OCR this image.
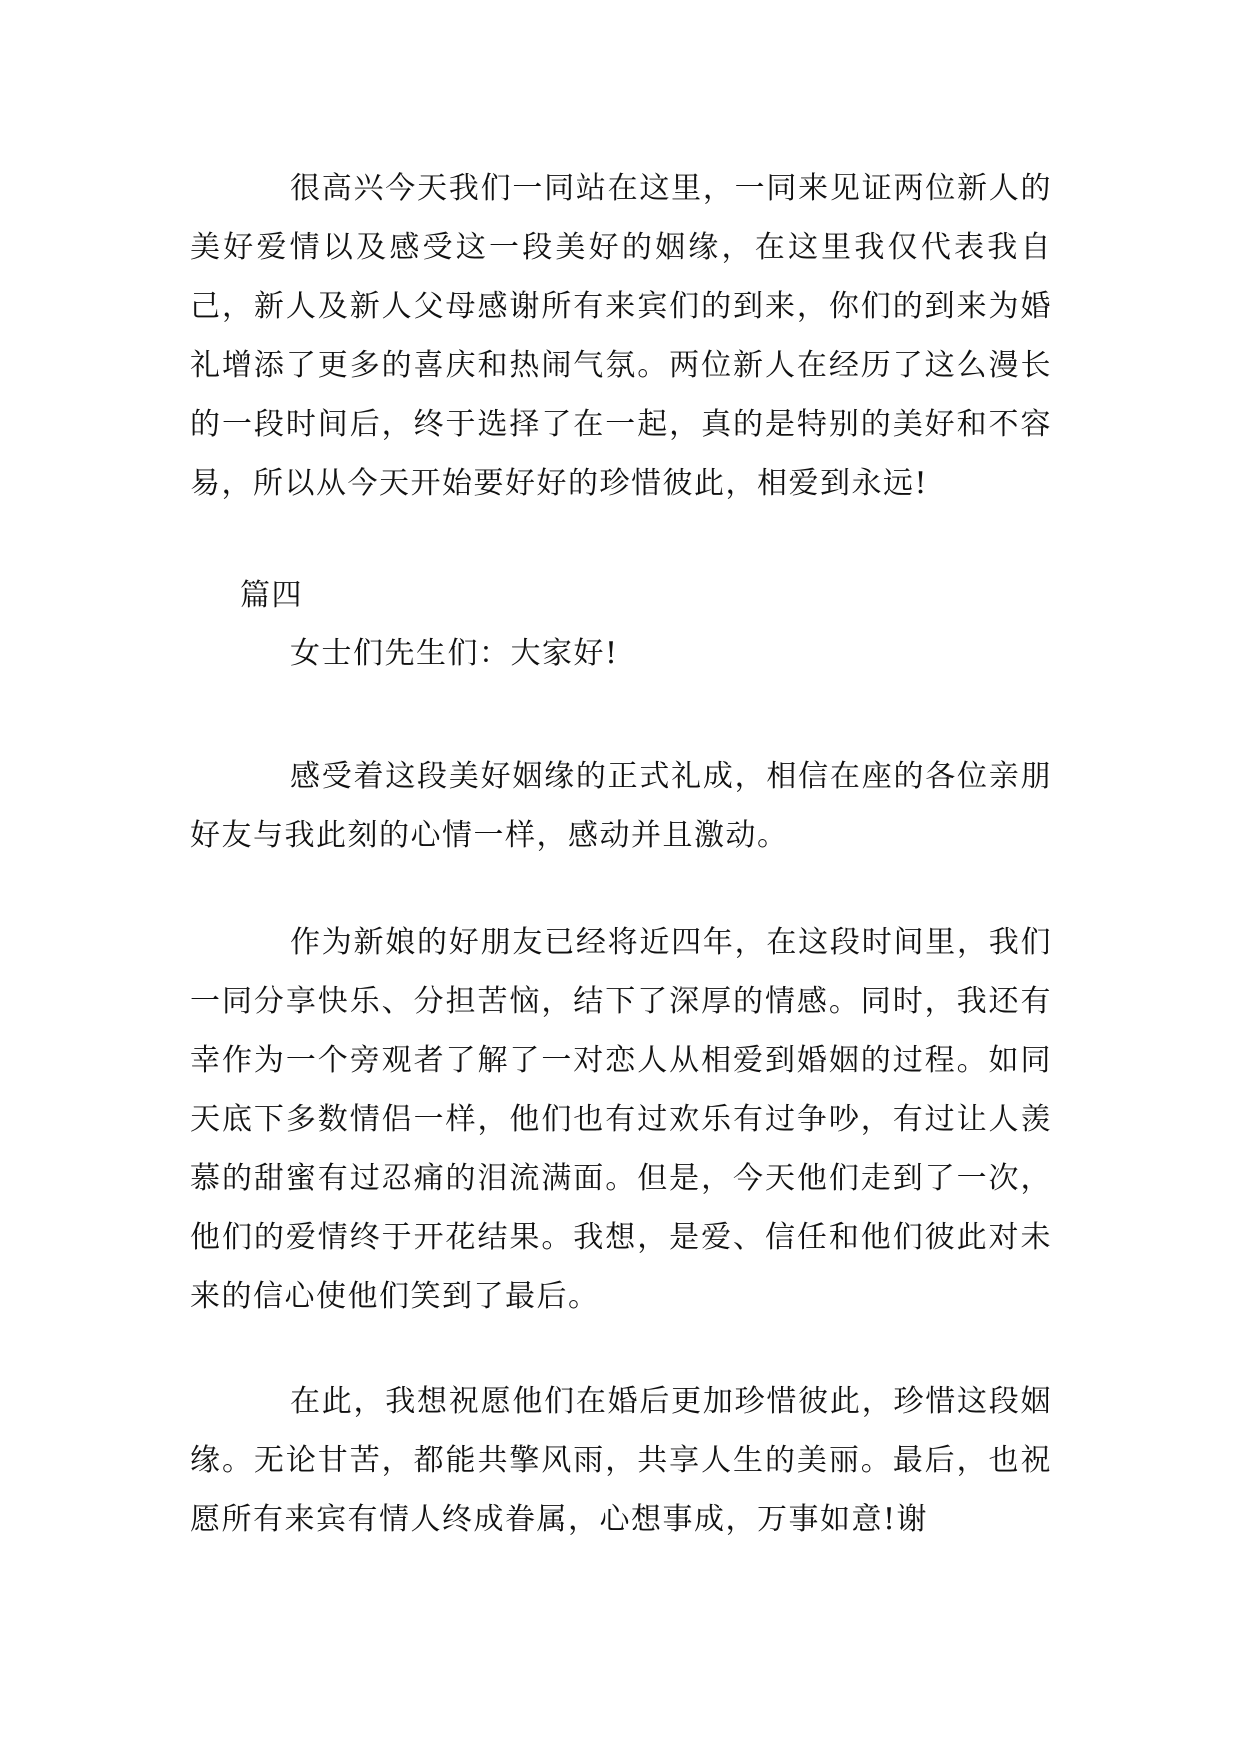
很高兴今天我们一同站在这里，一同来见证两位新人的美好爱情以及感受这一段美好的姻缘，在这里我仅代表我自己，新人及新人父母感谢所有来宾们的到来，你们的到来为婚礼增添了更多的喜庆和热闹气氛。两位新人在经历了这么漫长的一段时间后，终于选择了在一起，真的是特别的美好和不容易，所以从今天开始要好好的珍惜彼此，相爱到永远!

篇四

女士们先生们：大家好!

感受着这段美好姻缘的正式礼成，相信在座的各位亲朋好友与我此刻的心情一样，感动并且激动。

作为新娘的好朋友已经将近四年，在这段时间里，我们一同分享快乐、分担苦恼，结下了深厚的情感。同时，我还有幸作为一个旁观者了解了一对恋人从相爱到婚姻的过程。如同天底下多数情侣一样，他们也有过欢乐有过争吵，有过让人羡慕的甜蜜有过忍痛的泪流满面。但是，今天他们走到了一次，他们的爱情终于开花结果。我想，是爱、信任和他们彼此对未来的信心使他们笑到了最后。

在此，我想祝愿他们在婚后更加珍惜彼此，珍惜这段姻缘。无论甘苦，都能共擎风雨，共享人生的美丽。最后，也祝愿所有来宾有情人终成眷属，心想事成，万事如意!谢
